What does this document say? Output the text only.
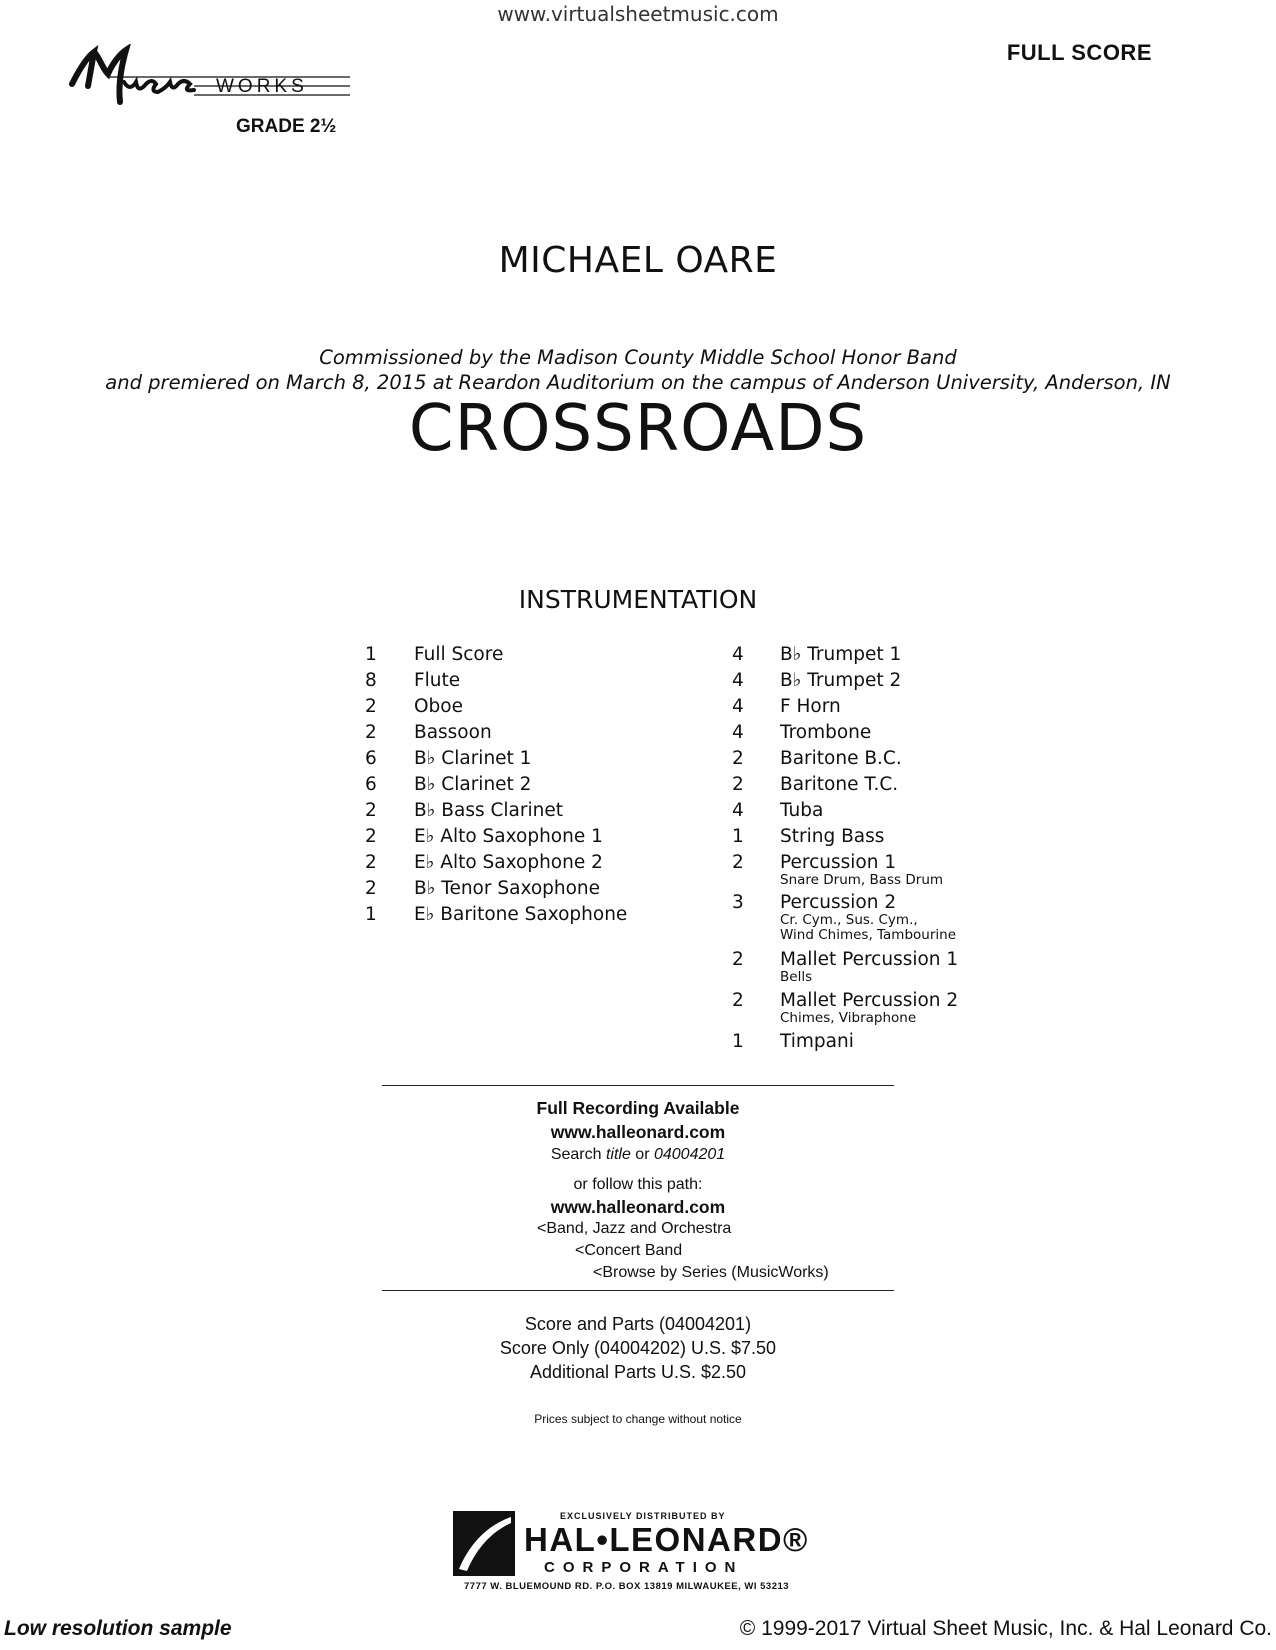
www.virtualsheetmusic.com
FULL SCORE
WORKS
GRADE 2½
MICHAEL OARE
Commissioned by the Madison County Middle School Honor Band
and premiered on March 8, 2015 at Reardon Auditorium on the campus of Anderson University, Anderson, IN
CROSSROADS
INSTRUMENTATION
1 Full Score
8 Flute
2 Oboe
2 Bassoon
6 B♭ Clarinet 1
6 B♭ Clarinet 2
2 B♭ Bass Clarinet
2 E♭ Alto Saxophone 1
2 E♭ Alto Saxophone 2
2 B♭ Tenor Saxophone
1 E♭ Baritone Saxophone
4 B♭ Trumpet 1
4 B♭ Trumpet 2
4 F Horn
4 Trombone
2 Baritone B.C.
2 Baritone T.C.
4 Tuba
1 String Bass
2 Percussion 1
Snare Drum, Bass Drum
3 Percussion 2
Cr. Cym., Sus. Cym.,
Wind Chimes, Tambourine
2 Mallet Percussion 1
Bells
2 Mallet Percussion 2
Chimes, Vibraphone
1 Timpani
Full Recording Available
www.halleonard.com
Search title or 04004201
or follow this path:
www.halleonard.com
<Band, Jazz and Orchestra
<Concert Band
<Browse by Series (MusicWorks)
Score and Parts (04004201)
Score Only (04004202) U.S. $7.50
Additional Parts U.S. $2.50
Prices subject to change without notice
EXCLUSIVELY DISTRIBUTED BY
HAL•LEONARD®
CORPORATION
7777 W. BLUEMOUND RD. P.O. BOX 13819 MILWAUKEE, WI 53213
Low resolution sample	© 1999-2017 Virtual Sheet Music, Inc. & Hal Leonard Co.
